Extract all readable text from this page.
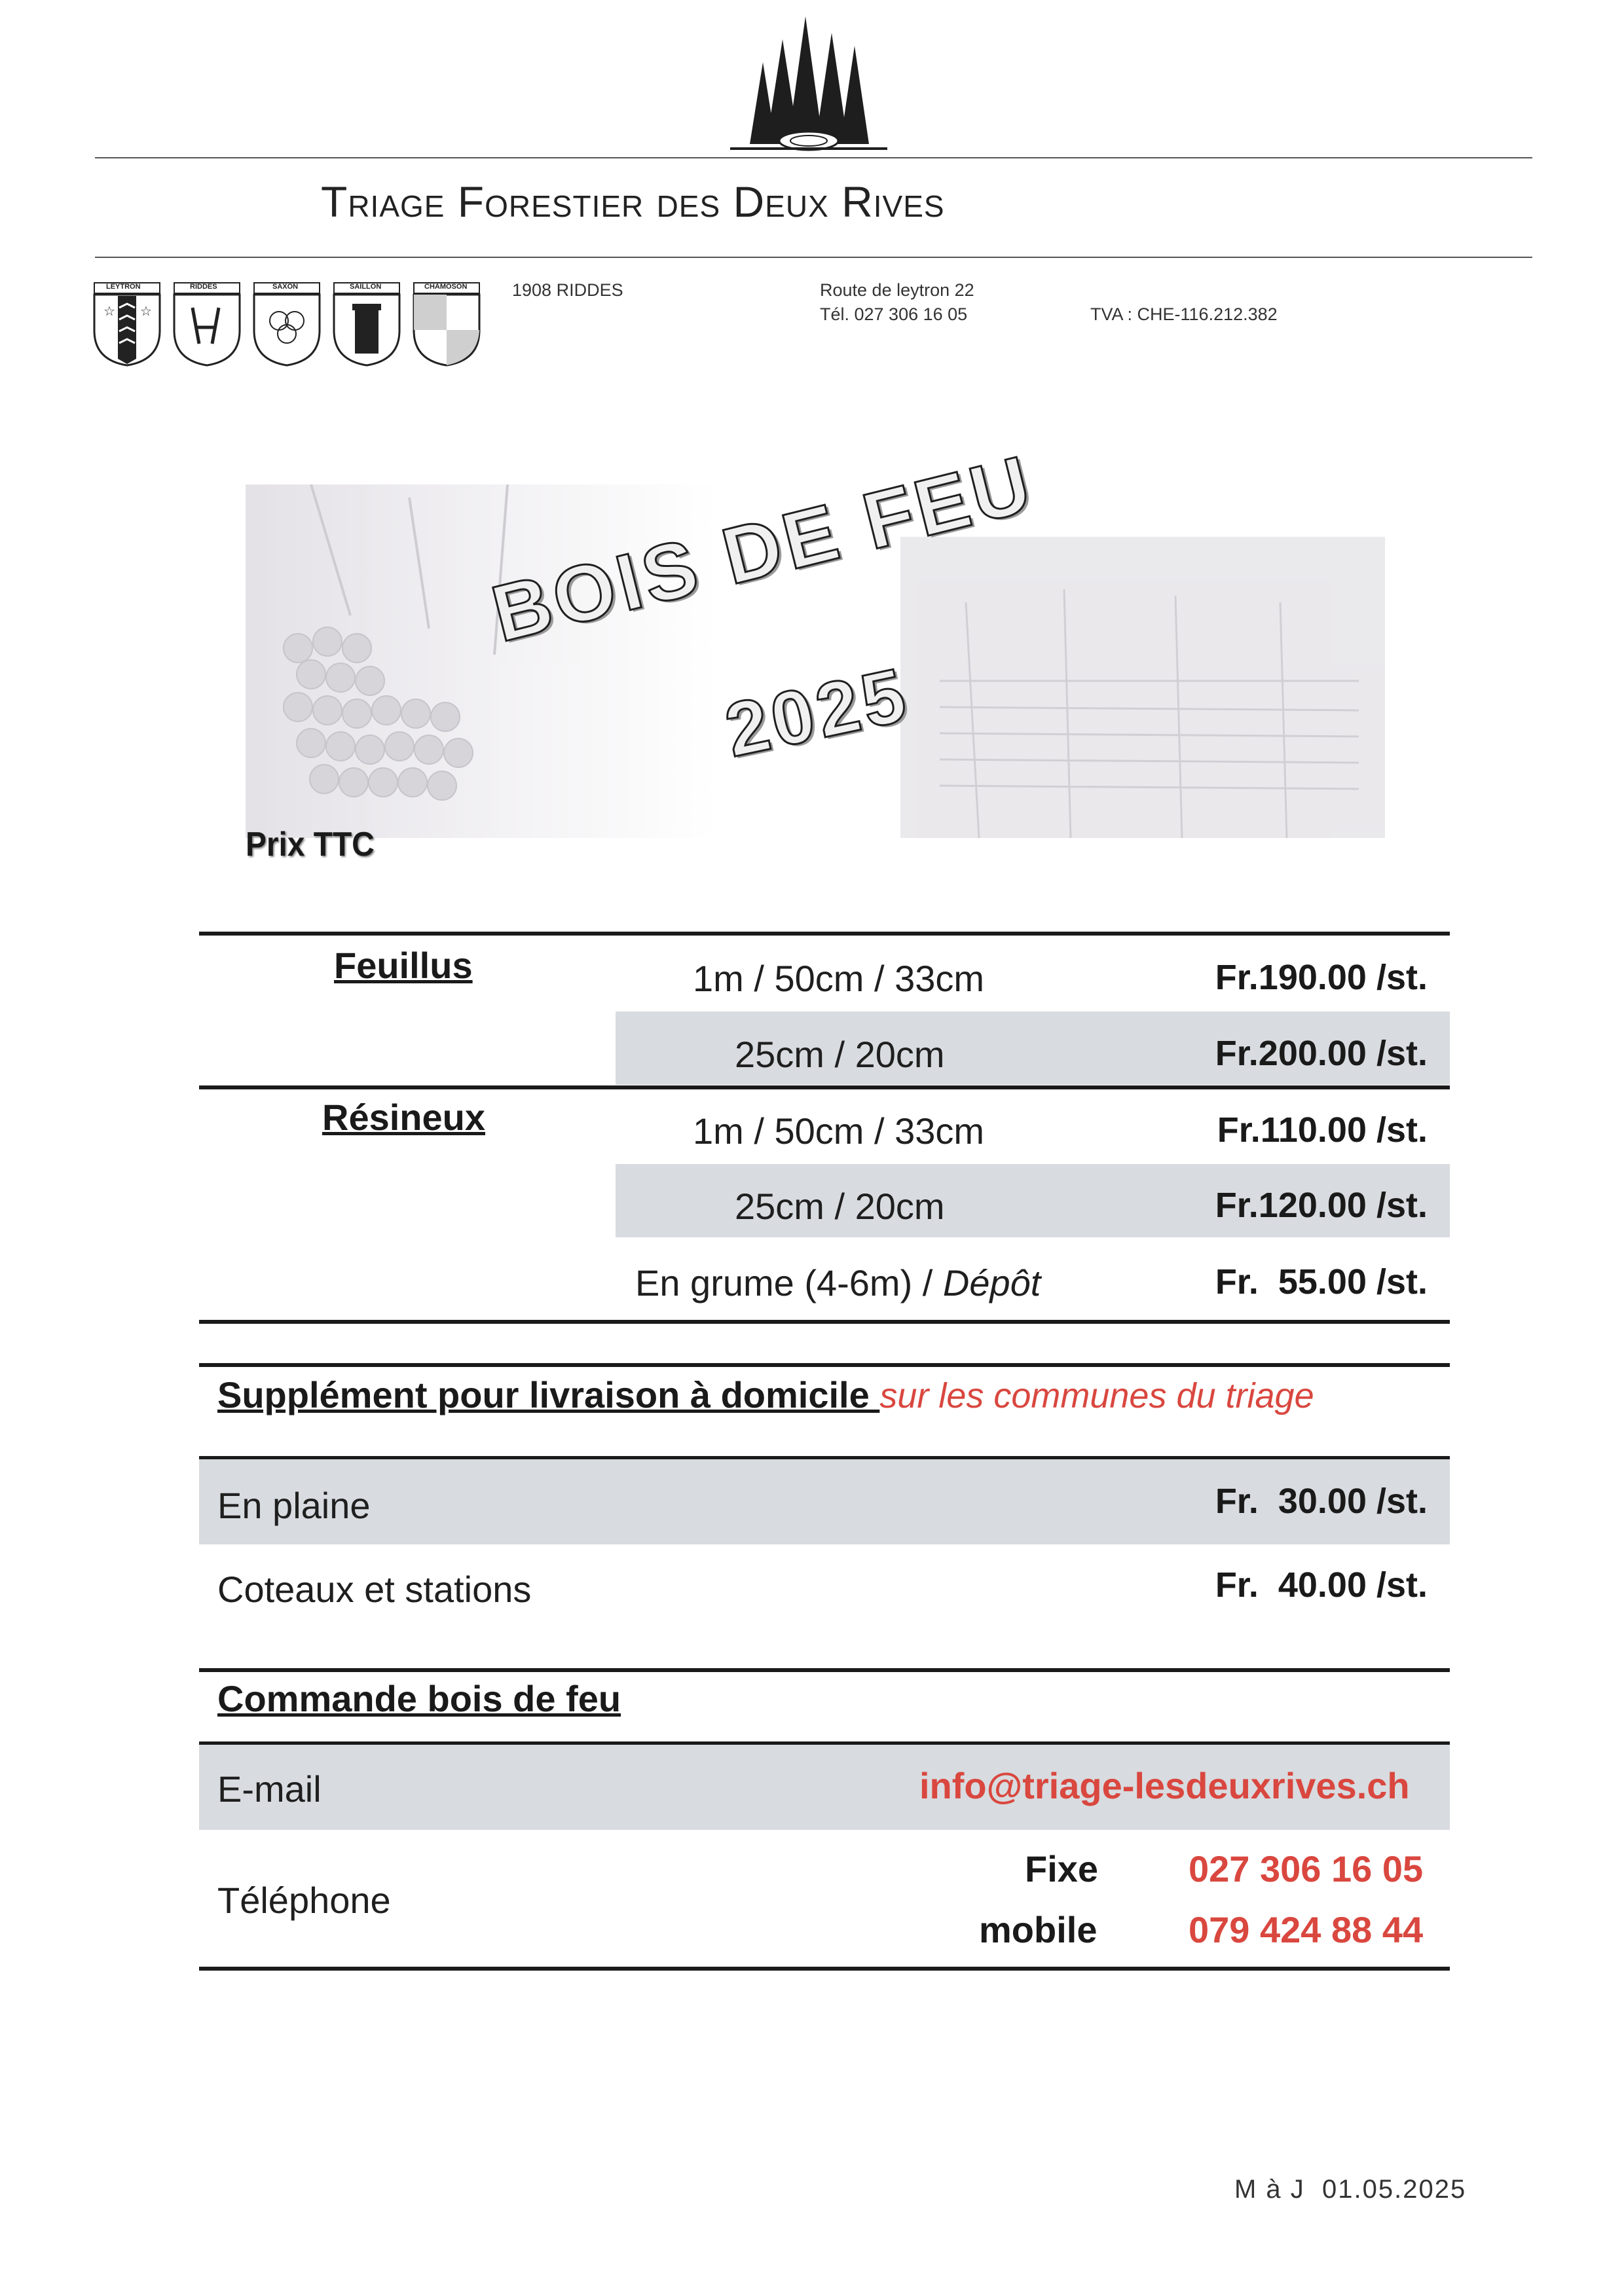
Triage Forestier des Deux Rives
☆ ☆
LEYTRON	RIDDES	SAXON	SAILLON	CHAMOSON	1908 RIDDES	Route de leytron 22
Tél. 027 306 16 05	TVA : CHE-116.212.382
BOIS DE FEU
2025
Prix TTC
Feuillus	1m / 50cm / 33cm	Fr.190.00 /st.
25cm / 20cm	Fr.200.00 /st.
Résineux	1m / 50cm / 33cm	Fr.110.00 /st.
25cm / 20cm	Fr.120.00 /st.
En grume (4-6m) / Dépôt	Fr.  55.00 /st.
Supplément pour livraison à domicile sur les communes du triage
En plaine	Fr.  30.00 /st.
Coteaux et stations	Fr.  40.00 /st.
Commande bois de feu
E-mail	info@triage-lesdeuxrives.ch
Téléphone
Fixe 027 306 16 05
mobile 079 424 88 44
M à J  01.05.2025
